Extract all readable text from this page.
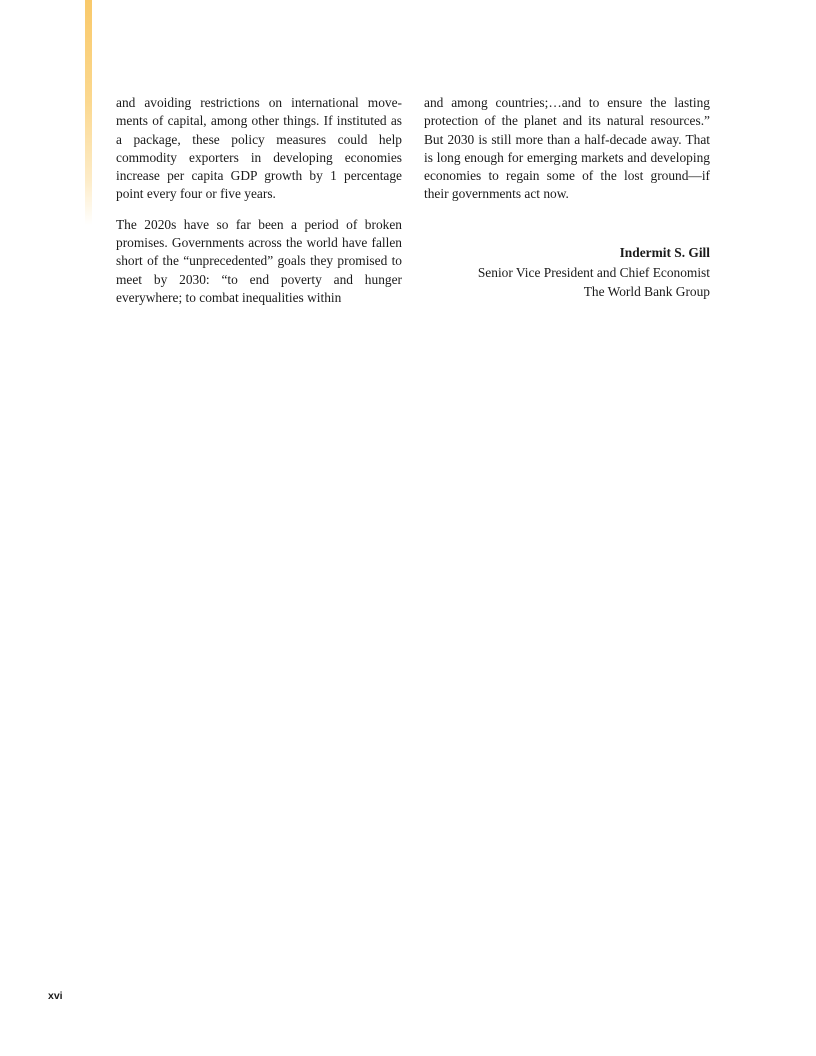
and avoiding restrictions on international move-ments of capital, among other things. If instituted as a package, these policy measures could help commodity exporters in developing economies increase per capita GDP growth by 1 percentage point every four or five years.

The 2020s have so far been a period of broken promises. Governments across the world have fallen short of the “unprecedented” goals they promised to meet by 2030: “to end poverty and hunger everywhere; to combat inequalities within

and among countries;…and to ensure the lasting protection of the planet and its natural resources.” But 2030 is still more than a half-decade away. That is long enough for emerging markets and developing economies to regain some of the lost ground—if their governments act now.

Indermit S. Gill
Senior Vice President and Chief Economist
The World Bank Group
xvi
